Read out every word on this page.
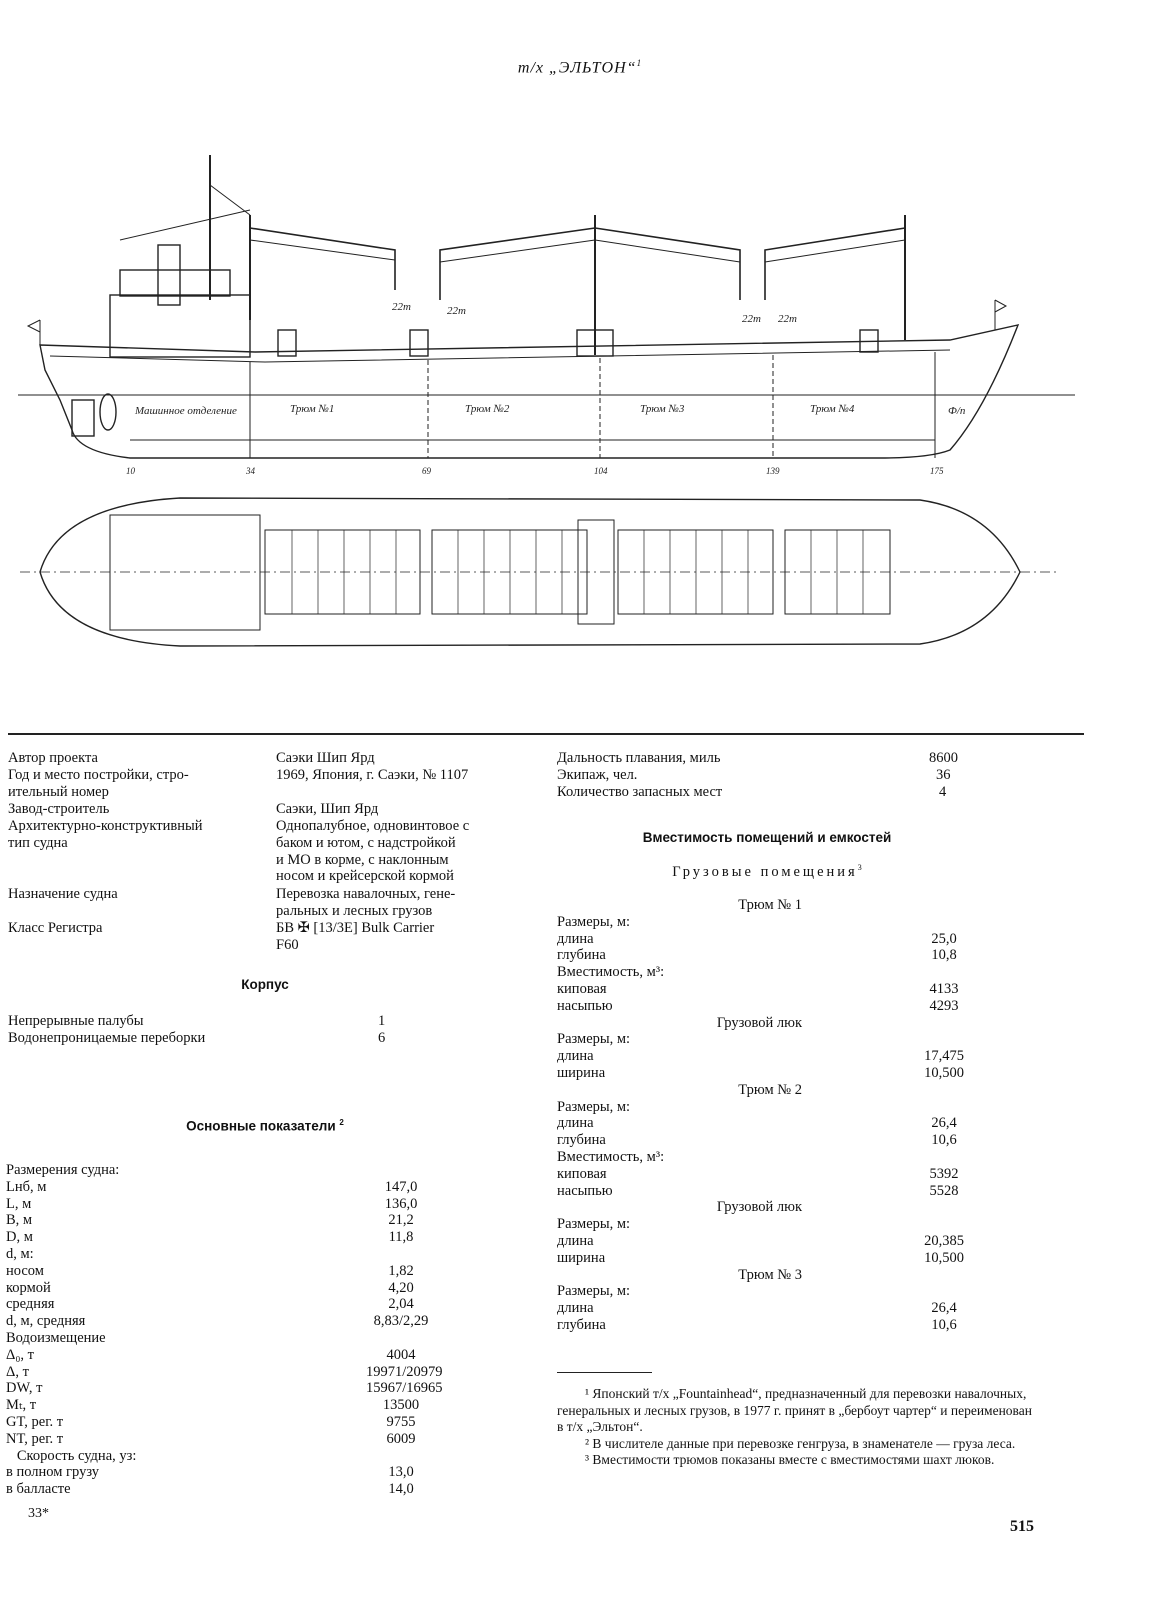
т/х „ЭЛЬТОН“$^1$
Машинное отделение	Трюм №1	Трюм №2	Трюм №3	Трюм №4	Ф/п
22т	22т
22т 22т
10	34	69	104	139	175
Автор проекта	Саэки Шип Ярд
Год и место постройки, стро-
ительный номер
1969, Япония, г. Саэки, № 1107
Завод-строитель	Саэки, Шип Ярд
Архитектурно-конструктивный
тип судна
Однопалубное, одновинтовое с
баком и ютом, с надстройкой
и МО в корме, с наклонным
носом и крейсерской кормой
Назначение судна	Перевозка навалочных, гене-
ральных и лесных грузов
Класс Регистра	БВ ✠ [13/3E] Bulk Carrier
F60
Корпус
Непрерывные палубы	1
Водонепроницаемые переборки	6
Основные показатели $^2$
Размерения судна:
Lнб, м	147,0
L, м	136,0
B, м	21,2
D, м	11,8
d, м:
носом	1,82
кормой	4,20
средняя	2,04
d, м, средняя	8,83/2,29
Водоизмещение
Δ₀, т	4004
Δ, т	19971/20979
DW, т	15967/16965
Mₜ, т	13500
GT, рег. т	9755
NT, рег. т	6009
Скорость судна, уз:
в полном грузу	13,0
в балласте	14,0
Дальность плавания, миль	8600
Экипаж, чел.	36
Количество запасных мест	4
Вместимость помещений и емкостей
Грузовые помещения$^3$
Трюм № 1
Размеры, м:
длина	25,0
глубина	10,8
Вместимость, м³:
киповая	4133
насыпью	4293
Грузовой люк
Размеры, м:
длина	17,475
ширина	10,500
Трюм № 2
Размеры, м:
длина	26,4
глубина	10,6
Вместимость, м³:
киповая	5392
насыпью	5528
Грузовой люк
Размеры, м:
длина	20,385
ширина	10,500
Трюм № 3
Размеры, м:
длина	26,4
глубина	10,6
¹ Японский т/х „Fountainhead“, предназначенный для перевозки навалочных, генеральных и лесных грузов, в 1977 г. принят в „бербоут чартер“ и переименован в т/х „Эльтон“.
² В числителе данные при перевозке генгруза, в знаменателе — груза леса.
³ Вместимости трюмов показаны вместе с вместимостями шахт люков.
33*
515
